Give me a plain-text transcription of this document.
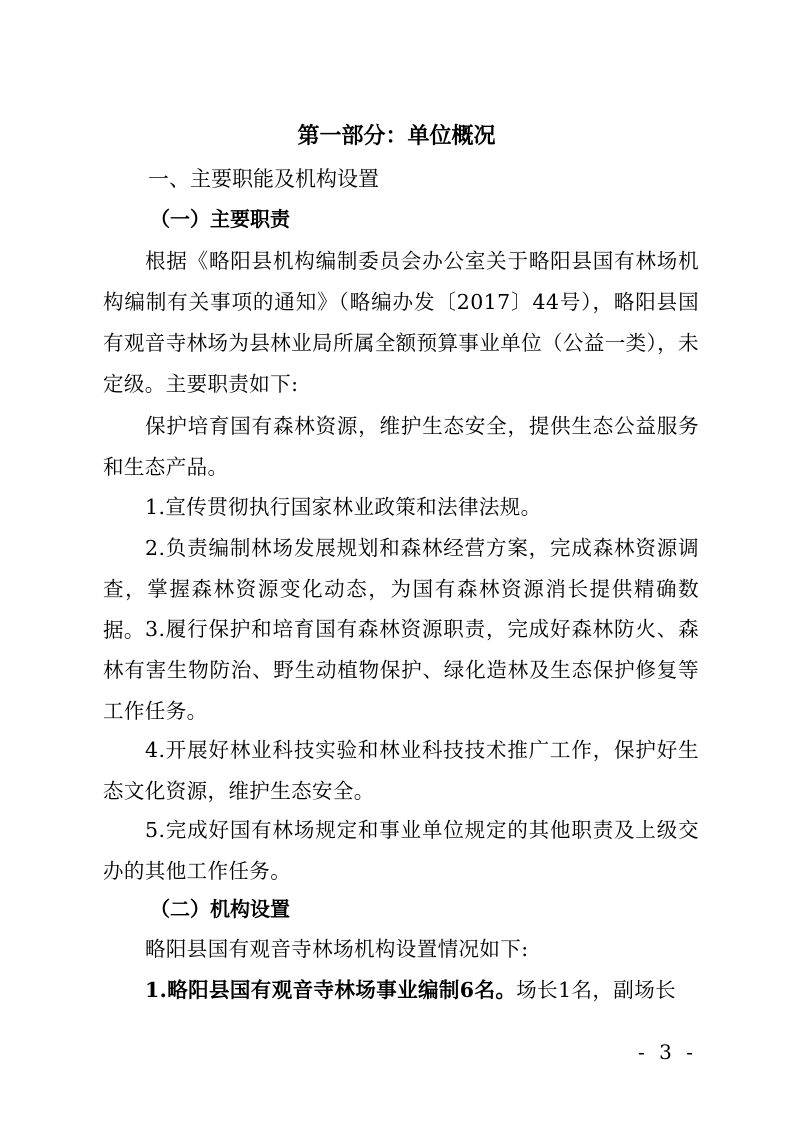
第一部分：单位概况
一、主要职能及机构设置
（一）主要职责

根据《略阳县机构编制委员会办公室关于略阳县国有林场机构编制有关事项的通知》（略编办发〔2017〕44号），略阳县国有观音寺林场为县林业局所属全额预算事业单位（公益一类），未定级。主要职责如下:

保护培育国有森林资源，维护生态安全，提供生态公益服务和生态产品。

1.宣传贯彻执行国家林业政策和法律法规。

2.负责编制林场发展规划和森林经营方案，完成森林资源调查，掌握森林资源变化动态，为国有森林资源消长提供精确数据。 3.履行保护和培育国有森林资源职责，完成好森林防火、森林有害生物防治、野生动植物保护、绿化造林及生态保护修复等工作任务。

4.开展好林业科技实验和林业科技技术推广工作，保护好生态文化资源，维护生态安全。

5.完成好国有林场规定和事业单位规定的其他职责及上级交办的其他工作任务。

（二）机构设置

略阳县国有观音寺林场机构设置情况如下:

1.略阳县国有观音寺林场事业编制6名。场长1名，副场长

- 3 -
